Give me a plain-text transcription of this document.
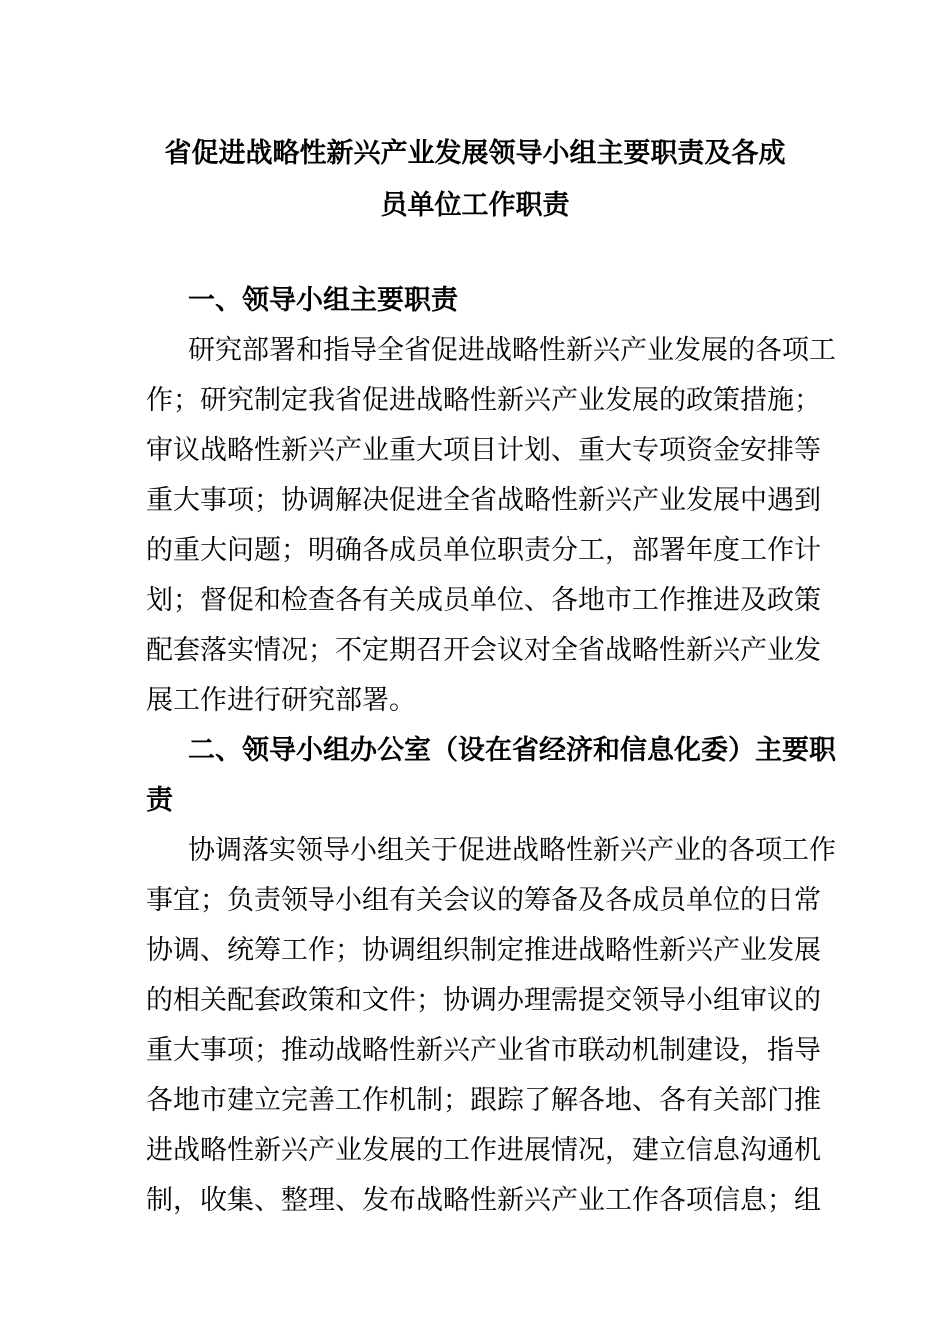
省促进战略性新兴产业发展领导小组主要职责及各成
员单位工作职责
一、领导小组主要职责

研究部署和指导全省促进战略性新兴产业发展的各项工
作；研究制定我省促进战略性新兴产业发展的政策措施；
审议战略性新兴产业重大项目计划、重大专项资金安排等
重大事项；协调解决促进全省战略性新兴产业发展中遇到
的重大问题；明确各成员单位职责分工，部署年度工作计
划；督促和检查各有关成员单位、各地市工作推进及政策
配套落实情况；不定期召开会议对全省战略性新兴产业发
展工作进行研究部署。

二、领导小组办公室（设在省经济和信息化委）主要职
责

协调落实领导小组关于促进战略性新兴产业的各项工作
事宜；负责领导小组有关会议的筹备及各成员单位的日常
协调、统筹工作；协调组织制定推进战略性新兴产业发展
的相关配套政策和文件；协调办理需提交领导小组审议的
重大事项；推动战略性新兴产业省市联动机制建设，指导
各地市建立完善工作机制；跟踪了解各地、各有关部门推
进战略性新兴产业发展的工作进展情况，建立信息沟通机
制，收集、整理、发布战略性新兴产业工作各项信息；组
